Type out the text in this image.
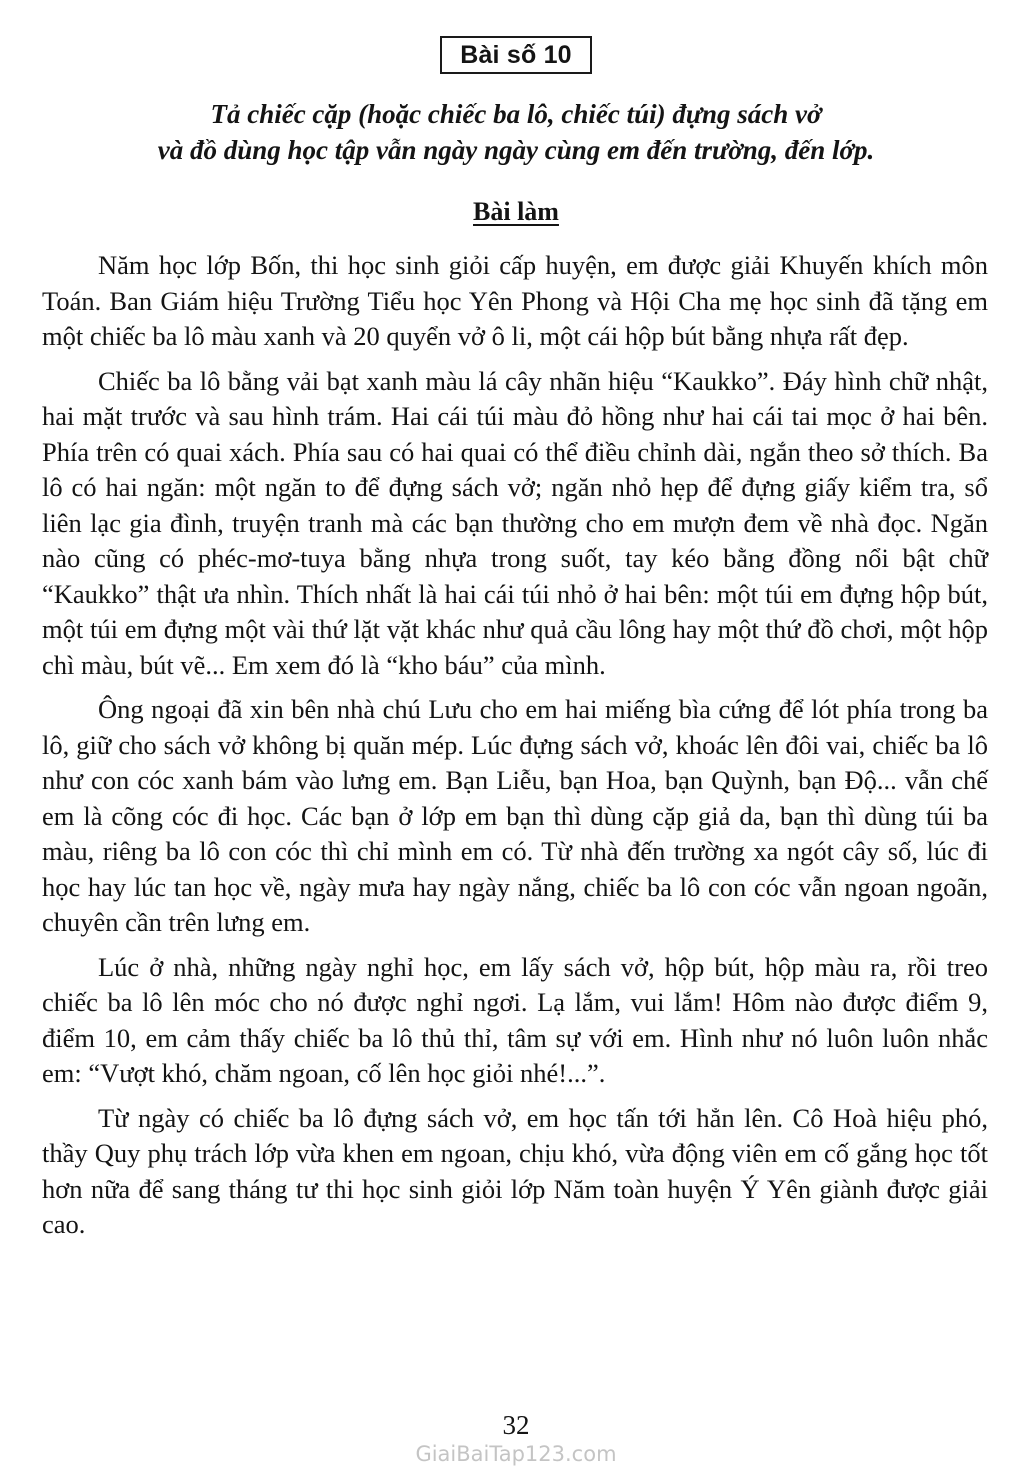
Bài số 10
Tả chiếc cặp (hoặc chiếc ba lô, chiếc túi) đựng sách vở
và đồ dùng học tập vẫn ngày ngày cùng em đến trường, đến lớp.
Bài làm

Năm học lớp Bốn, thi học sinh giỏi cấp huyện, em được giải Khuyến khích môn Toán. Ban Giám hiệu Trường Tiểu học Yên Phong và Hội Cha mẹ học sinh đã tặng em một chiếc ba lô màu xanh và 20 quyển vở ô li, một cái hộp bút bằng nhựa rất đẹp.

Chiếc ba lô bằng vải bạt xanh màu lá cây nhãn hiệu “Kaukko”. Đáy hình chữ nhật, hai mặt trước và sau hình trám. Hai cái túi màu đỏ hồng như hai cái tai mọc ở hai bên. Phía trên có quai xách. Phía sau có hai quai có thể điều chỉnh dài, ngắn theo sở thích. Ba lô có hai ngăn: một ngăn to để đựng sách vở; ngăn nhỏ hẹp để đựng giấy kiểm tra, sổ liên lạc gia đình, truyện tranh mà các bạn thường cho em mượn đem về nhà đọc. Ngăn nào cũng có phéc-mơ-tuya bằng nhựa trong suốt, tay kéo bằng đồng nổi bật chữ “Kaukko” thật ưa nhìn. Thích nhất là hai cái túi nhỏ ở hai bên: một túi em đựng hộp bút, một túi em đựng một vài thứ lặt vặt khác như quả cầu lông hay một thứ đồ chơi, một hộp chì màu, bút vẽ... Em xem đó là “kho báu” của mình.

Ông ngoại đã xin bên nhà chú Lưu cho em hai miếng bìa cứng để lót phía trong ba lô, giữ cho sách vở không bị quăn mép. Lúc đựng sách vở, khoác lên đôi vai, chiếc ba lô như con cóc xanh bám vào lưng em. Bạn Liễu, bạn Hoa, bạn Quỳnh, bạn Độ... vẫn chế em là cõng cóc đi học. Các bạn ở lớp em bạn thì dùng cặp giả da, bạn thì dùng túi ba màu, riêng ba lô con cóc thì chỉ mình em có. Từ nhà đến trường xa ngót cây số, lúc đi học hay lúc tan học về, ngày mưa hay ngày nắng, chiếc ba lô con cóc vẫn ngoan ngoãn, chuyên cần trên lưng em.

Lúc ở nhà, những ngày nghỉ học, em lấy sách vở, hộp bút, hộp màu ra, rồi treo chiếc ba lô lên móc cho nó được nghỉ ngơi. Lạ lắm, vui lắm! Hôm nào được điểm 9, điểm 10, em cảm thấy chiếc ba lô thủ thỉ, tâm sự với em. Hình như nó luôn luôn nhắc em: “Vượt khó, chăm ngoan, cố lên học giỏi nhé!...”.

Từ ngày có chiếc ba lô đựng sách vở, em học tấn tới hẳn lên. Cô Hoà hiệu phó, thầy Quy phụ trách lớp vừa khen em ngoan, chịu khó, vừa động viên em cố gắng học tốt hơn nữa để sang tháng tư thi học sinh giỏi lớp Năm toàn huyện Ý Yên giành được giải cao.

32
GiaiBaiTap123.com
